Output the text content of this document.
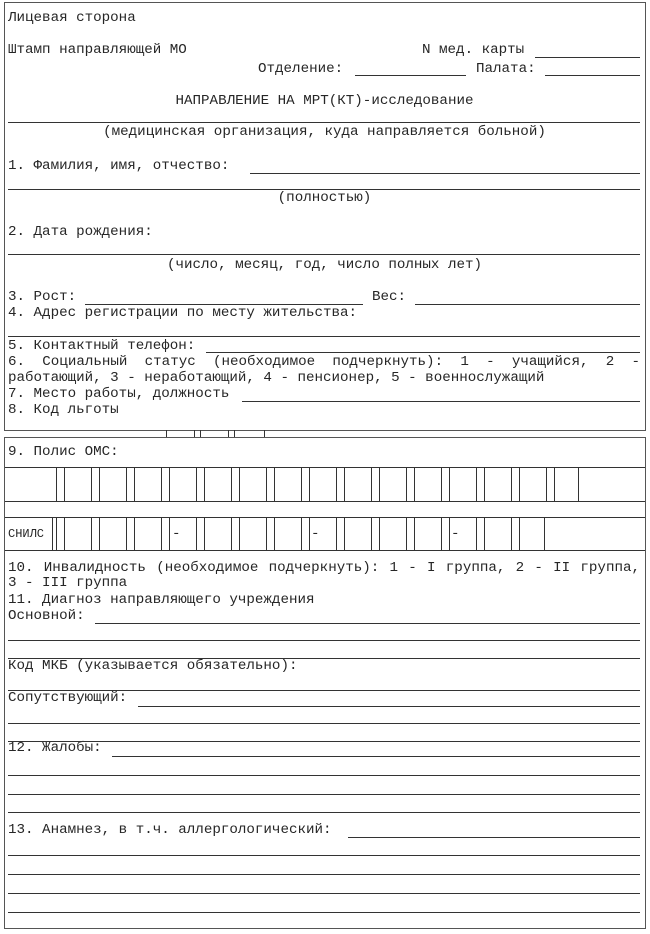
Лицевая сторона
Штамп направляющей МО	N мед. карты
Отделение:	Палата:
НАПРАВЛЕНИЕ НА МРТ(КТ)-исследование
(медицинская организация, куда направляется больной)
1. Фамилия, имя, отчество:
(полностью)
2. Дата рождения:
(число, месяц, год, число полных лет)
3. Рост:	Вес:
4. Адрес регистрации по месту жительства:
5. Контактный телефон:
6. Социальный статус (необходимое подчеркнуть): 1 - учащийся, 2 -
работающий, 3 - неработающий, 4 - пенсионер, 5 - военнослужащий
7. Место работы, должность
8. Код льготы
9. Полис ОМС:
СНИЛС	-	-	-
10. Инвалидность (необходимое подчеркнуть): 1 - I группа, 2 - II группа,
3 - III группа
11. Диагноз направляющего учреждения
Основной:
Код МКБ (указывается обязательно):
Сопутствующий:
12. Жалобы:
13. Анамнез, в т.ч. аллергологический:
